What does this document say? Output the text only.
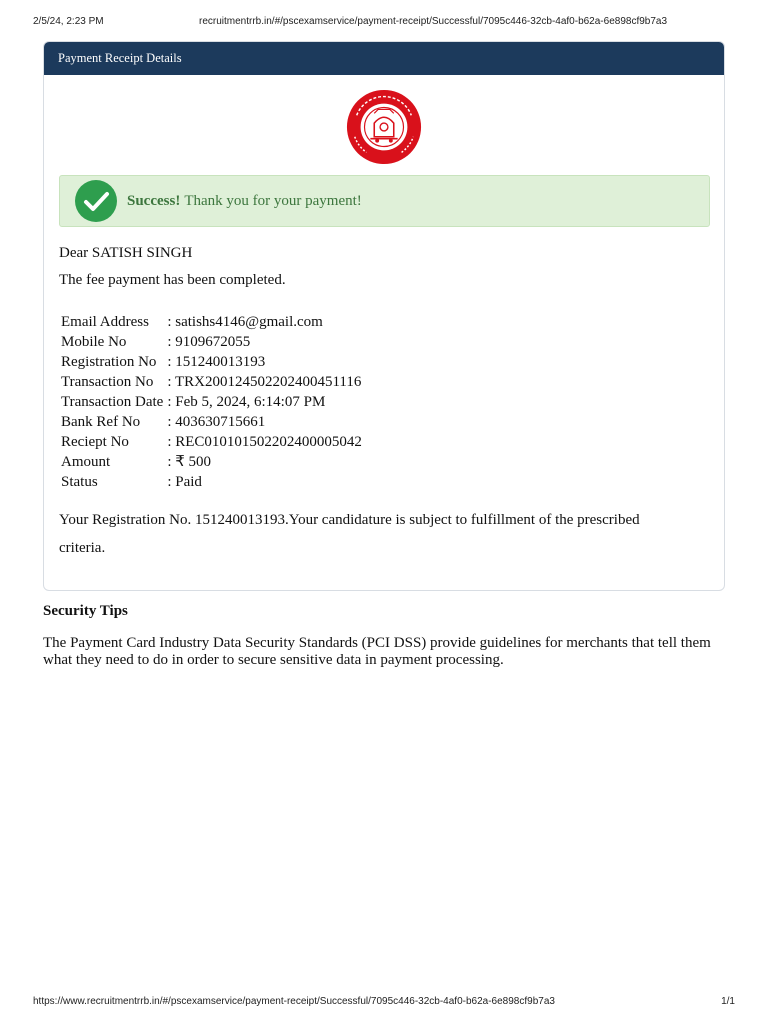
2/5/24, 2:23 PM	recruitmentrrb.in/#/pscexamservice/payment-receipt/Successful/7095c446-32cb-4af0-b62a-6e898cf9b7a3
Payment Receipt Details
Success! Thank you for your payment!
Dear SATISH SINGH
The fee payment has been completed.
Email Address	: satishs4146@gmail.com
Mobile No	: 9109672055
Registration No	: 151240013193
Transaction No	: TRX200124502202400451116
Transaction Date	: Feb 5, 2024, 6:14:07 PM
Bank Ref No	: 403630715661
Reciept No	: REC010101502202400005042
Amount	: ₹ 500
Status	: Paid
Your Registration No. 151240013193.Your candidature is subject to fulfillment of the prescribed criteria.
Security Tips
The Payment Card Industry Data Security Standards (PCI DSS) provide guidelines for merchants that tell them what they need to do in order to secure sensitive data in payment processing.
https://www.recruitmentrrb.in/#/pscexamservice/payment-receipt/Successful/7095c446-32cb-4af0-b62a-6e898cf9b7a3	1/1
